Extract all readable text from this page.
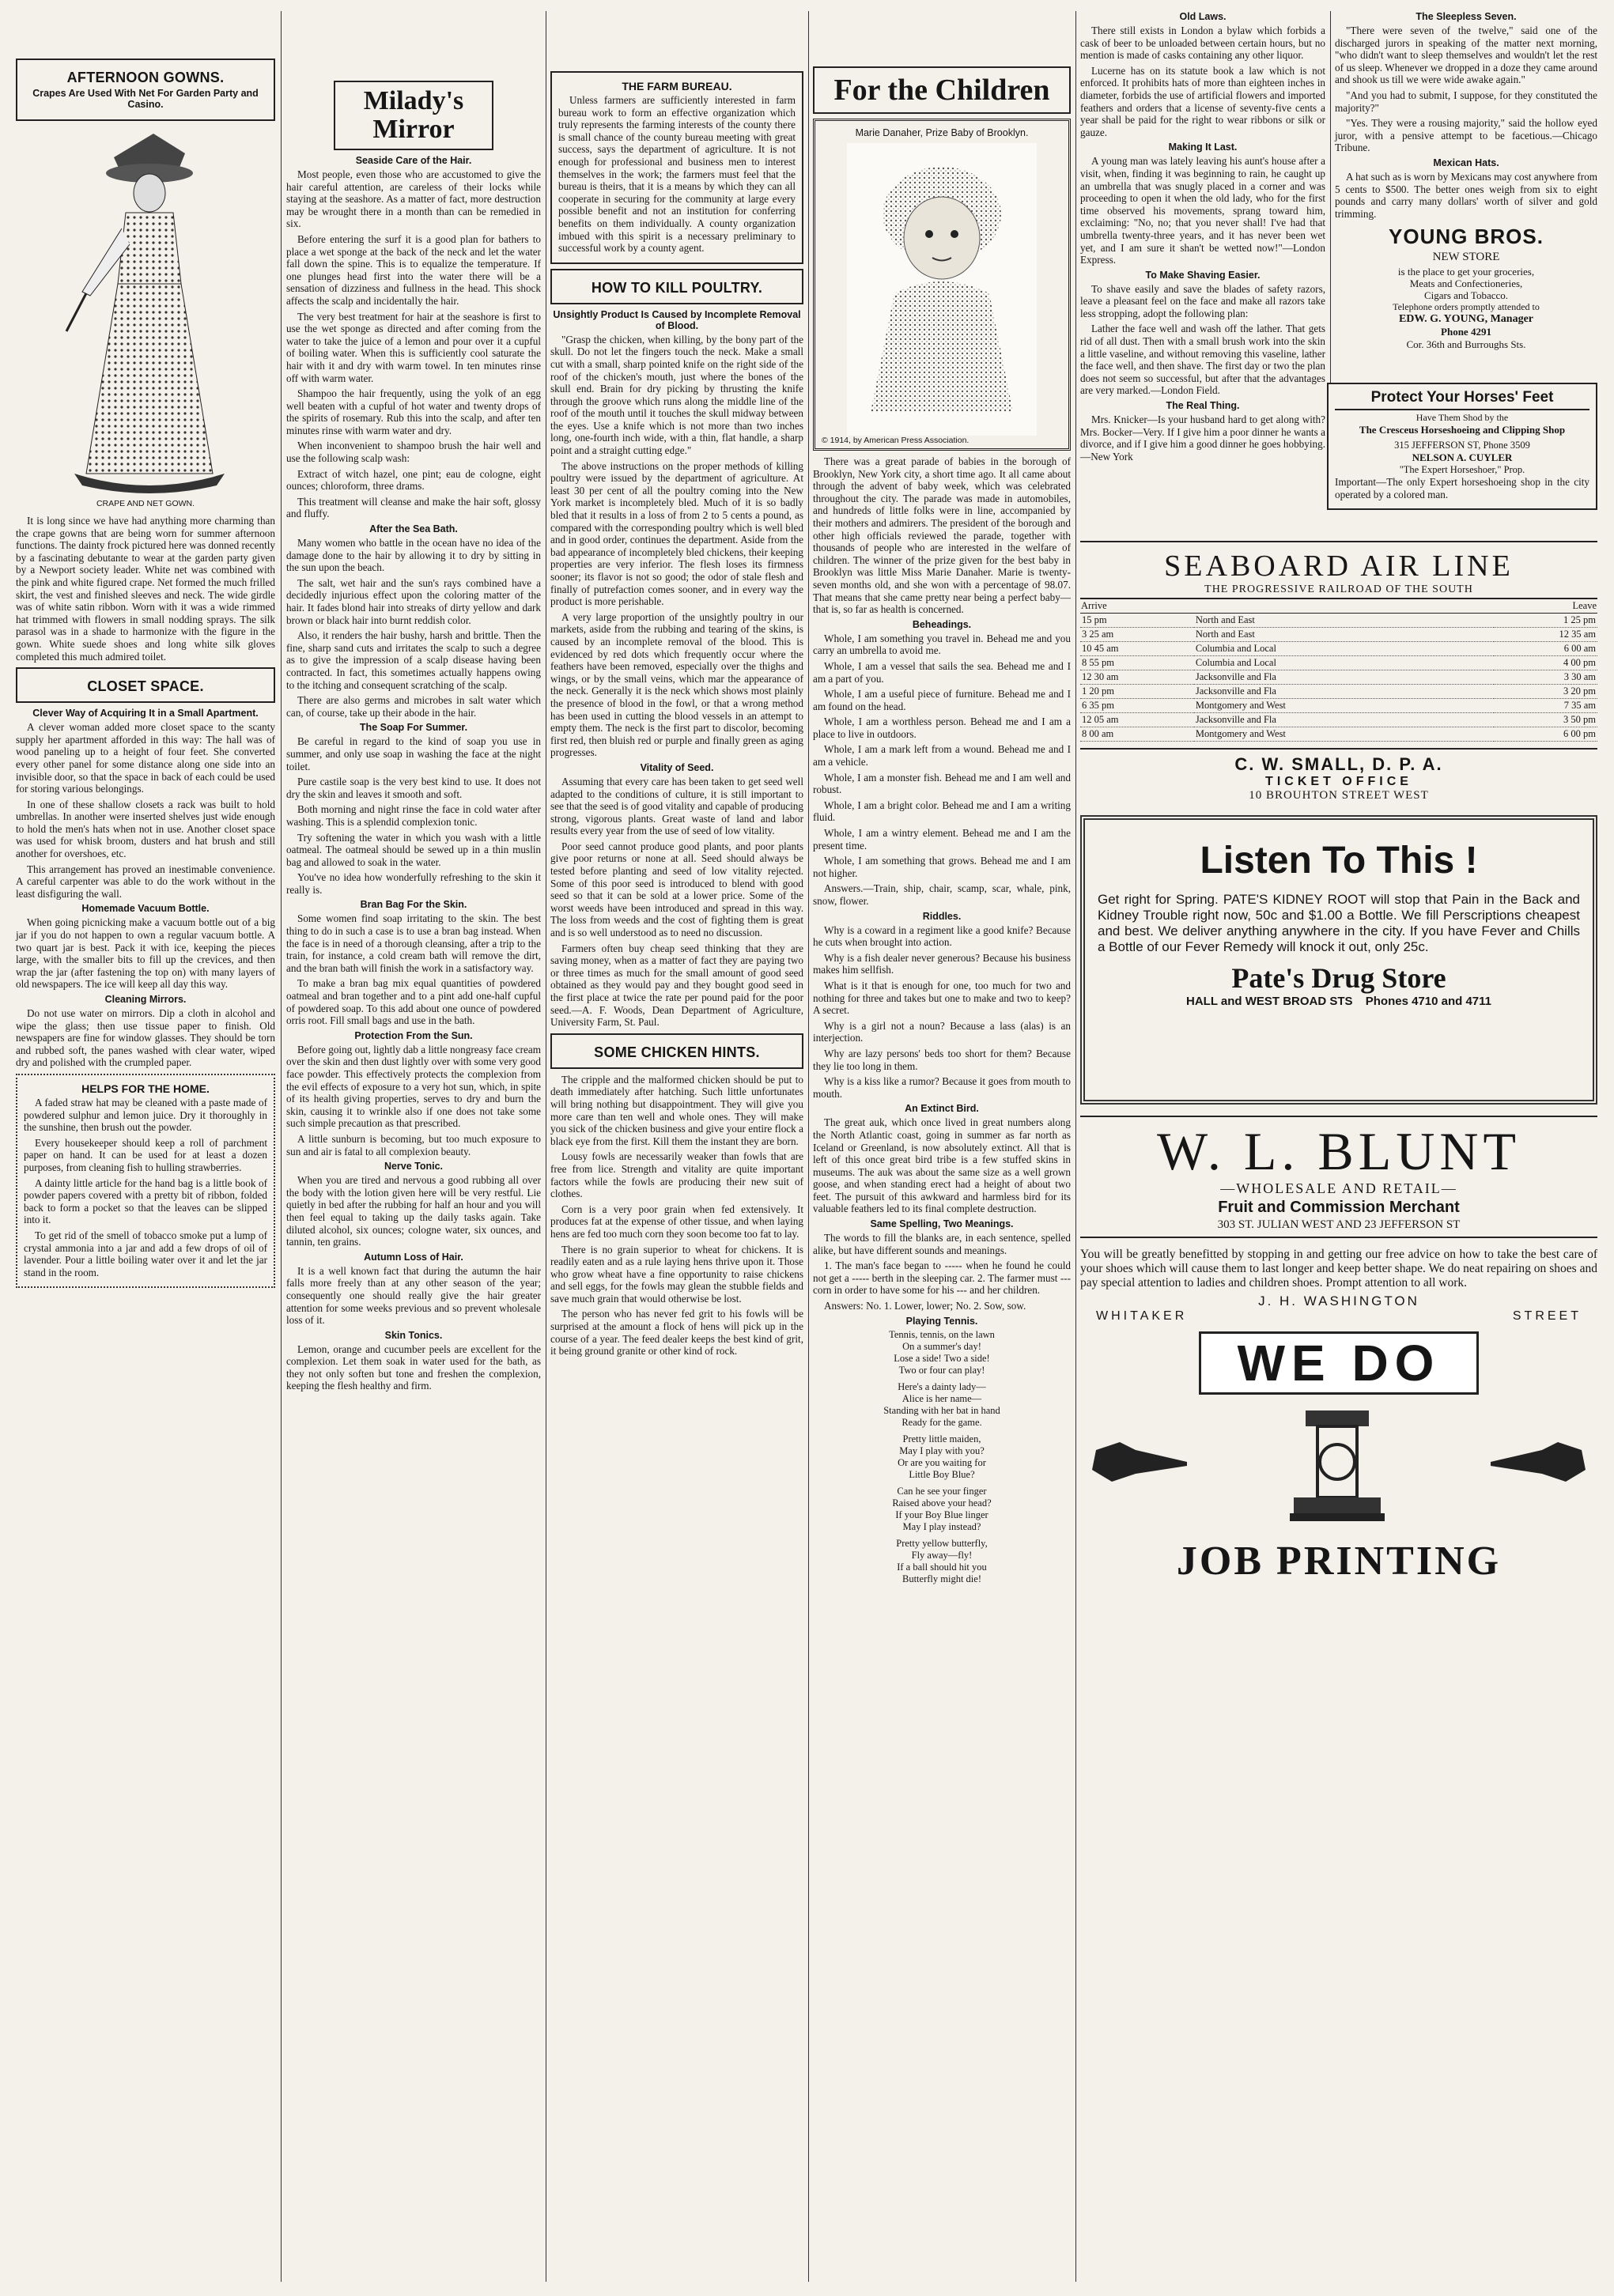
AFTERNOON GOWNS.
Crapes Are Used With Net For Garden Party and Casino.
CRAPE AND NET GOWN.

It is long since we have had anything more charming than the crape gowns that are being worn for summer afternoon functions. The dainty frock pictured here was donned recently by a fascinating debutante to wear at the garden party given by a Newport society leader. White net was combined with the pink and white figured crape. Net formed the much frilled skirt, the vest and finished sleeves and neck. The wide girdle was of white satin ribbon. Worn with it was a wide rimmed hat trimmed with flowers in small nodding sprays. The silk parasol was in a shade to harmonize with the figure in the gown. White suede shoes and long white silk gloves completed this much admired toilet.

CLOSET SPACE.
Clever Way of Acquiring It in a Small Apartment.

A clever woman added more closet space to the scanty supply her apartment afforded in this way: The hall was of wood paneling up to a height of four feet. She converted every other panel for some distance along one side into an invisible door, so that the space in back of each could be used for storing various belongings.

In one of these shallow closets a rack was built to hold umbrellas. In another were inserted shelves just wide enough to hold the men's hats when not in use. Another closet space was used for whisk broom, dusters and hat brush and still another for overshoes, etc.

This arrangement has proved an inestimable convenience. A careful carpenter was able to do the work without in the least disfiguring the wall.

Homemade Vacuum Bottle.

When going picnicking make a vacuum bottle out of a big jar if you do not happen to own a regular vacuum bottle. A two quart jar is best. Pack it with ice, keeping the pieces large, with the smaller bits to fill up the crevices, and then wrap the jar (after fastening the top on) with many layers of old newspapers. The ice will keep all day this way.

Cleaning Mirrors.

Do not use water on mirrors. Dip a cloth in alcohol and wipe the glass; then use tissue paper to finish. Old newspapers are fine for window glasses. They should be torn and rubbed soft, the panes washed with clear water, wiped dry and polished with the crumpled paper.

HELPS FOR THE HOME.

A faded straw hat may be cleaned with a paste made of powdered sulphur and lemon juice. Dry it thoroughly in the sunshine, then brush out the powder.

Every housekeeper should keep a roll of parchment paper on hand. It can be used for at least a dozen purposes, from cleaning fish to hulling strawberries.

A dainty little article for the hand bag is a little book of powder papers covered with a pretty bit of ribbon, folded back to form a pocket so that the leaves can be slipped into it.

To get rid of the smell of tobacco smoke put a lump of crystal ammonia into a jar and add a few drops of oil of lavender. Pour a little boiling water over it and let the jar stand in the room.

Milady's Mirror
Seaside Care of the Hair.

Most people, even those who are accustomed to give the hair careful attention, are careless of their locks while staying at the seashore. As a matter of fact, more destruction may be wrought there in a month than can be remedied in six.

Before entering the surf it is a good plan for bathers to place a wet sponge at the back of the neck and let the water fall down the spine. This is to equalize the temperature. If one plunges head first into the water there will be a sensation of dizziness and fullness in the head. This shock affects the scalp and incidentally the hair.

The very best treatment for hair at the seashore is first to use the wet sponge as directed and after coming from the water to take the juice of a lemon and pour over it a cupful of boiling water. When this is sufficiently cool saturate the hair with it and dry with warm towel. In ten minutes rinse off with warm water.

Shampoo the hair frequently, using the yolk of an egg well beaten with a cupful of hot water and twenty drops of the spirits of rosemary. Rub this into the scalp, and after ten minutes rinse with warm water and dry.

When inconvenient to shampoo brush the hair well and use the following scalp wash:

Extract of witch hazel, one pint; eau de cologne, eight ounces; chloroform, three drams.

This treatment will cleanse and make the hair soft, glossy and fluffy.

After the Sea Bath.

Many women who battle in the ocean have no idea of the damage done to the hair by allowing it to dry by sitting in the sun upon the beach.

The salt, wet hair and the sun's rays combined have a decidedly injurious effect upon the coloring matter of the hair. It fades blond hair into streaks of dirty yellow and dark brown or black hair into burnt reddish color.

Also, it renders the hair bushy, harsh and brittle. Then the fine, sharp sand cuts and irritates the scalp to such a degree as to give the impression of a scalp disease having been contracted. In fact, this sometimes actually happens owing to the itching and consequent scratching of the scalp.

There are also germs and microbes in salt water which can, of course, take up their abode in the hair.

The Soap For Summer.

Be careful in regard to the kind of soap you use in summer, and only use soap in washing the face at the night toilet.

Pure castile soap is the very best kind to use. It does not dry the skin and leaves it smooth and soft.

Both morning and night rinse the face in cold water after washing. This is a splendid complexion tonic.

Try softening the water in which you wash with a little oatmeal. The oatmeal should be sewed up in a thin muslin bag and allowed to soak in the water.

You've no idea how wonderfully refreshing to the skin it really is.

Bran Bag For the Skin.

Some women find soap irritating to the skin. The best thing to do in such a case is to use a bran bag instead. When the face is in need of a thorough cleansing, after a trip to the train, for instance, a cold cream bath will remove the dirt, and the bran bath will finish the work in a satisfactory way.

To make a bran bag mix equal quantities of powdered oatmeal and bran together and to a pint add one-half cupful of powdered soap. To this add about one ounce of powdered orris root. Fill small bags and use in the bath.

Protection From the Sun.

Before going out, lightly dab a little nongreasy face cream over the skin and then dust lightly over with some very good face powder. This effectively protects the complexion from the evil effects of exposure to a very hot sun, which, in spite of its health giving properties, serves to dry and burn the skin, causing it to wrinkle also if one does not take some such simple precaution as that prescribed.

A little sunburn is becoming, but too much exposure to sun and air is fatal to all complexion beauty.

Nerve Tonic.

When you are tired and nervous a good rubbing all over the body with the lotion given here will be very restful. Lie quietly in bed after the rubbing for half an hour and you will then feel equal to taking up the daily tasks again. Take diluted alcohol, six ounces; cologne water, six ounces, and tannin, ten grains.

Autumn Loss of Hair.

It is a well known fact that during the autumn the hair falls more freely than at any other season of the year; consequently one should really give the hair greater attention for some weeks previous and so prevent wholesale loss of it.

Skin Tonics.

Lemon, orange and cucumber peels are excellent for the complexion. Let them soak in water used for the bath, as they not only soften but tone and freshen the complexion, keeping the flesh healthy and firm.

THE FARM BUREAU.

Unless farmers are sufficiently interested in farm bureau work to form an effective organization which truly represents the farming interests of the county there is small chance of the county bureau meeting with great success, says the department of agriculture. It is not enough for professional and business men to interest themselves in the work; the farmers must feel that the bureau is theirs, that it is a means by which they can all cooperate in securing for the community at large every possible benefit and not an institution for conferring benefits on them individually. A county organization imbued with this spirit is a necessary preliminary to successful work by a county agent.

HOW TO KILL POULTRY.
Unsightly Product Is Caused by Incomplete Removal of Blood.

"Grasp the chicken, when killing, by the bony part of the skull. Do not let the fingers touch the neck. Make a small cut with a small, sharp pointed knife on the right side of the roof of the chicken's mouth, just where the bones of the skull end. Brain for dry picking by thrusting the knife through the groove which runs along the middle line of the roof of the mouth until it touches the skull midway between the eyes. Use a knife which is not more than two inches long, one-fourth inch wide, with a thin, flat handle, a sharp point and a straight cutting edge."

The above instructions on the proper methods of killing poultry were issued by the department of agriculture. At least 30 per cent of all the poultry coming into the New York market is incompletely bled. Much of it is so badly bled that it results in a loss of from 2 to 5 cents a pound, as compared with the corresponding poultry which is well bled and in good order, continues the department. Aside from the bad appearance of incompletely bled chickens, their keeping properties are very inferior. The flesh loses its firmness sooner; its flavor is not so good; the odor of stale flesh and finally of putrefaction comes sooner, and in every way the product is more perishable.

A very large proportion of the unsightly poultry in our markets, aside from the rubbing and tearing of the skins, is caused by an incomplete removal of the blood. This is evidenced by red dots which frequently occur where the feathers have been removed, especially over the thighs and wings, or by the small veins, which mar the appearance of the neck. Generally it is the neck which shows most plainly the presence of blood in the fowl, or that a wrong method has been used in cutting the blood vessels in an attempt to empty them. The neck is the first part to discolor, becoming first red, then bluish red or purple and finally green as aging progresses.

Vitality of Seed.

Assuming that every care has been taken to get seed well adapted to the conditions of culture, it is still important to see that the seed is of good vitality and capable of producing strong, vigorous plants. Great waste of land and labor results every year from the use of seed of low vitality.

Poor seed cannot produce good plants, and poor plants give poor returns or none at all. Seed should always be tested before planting and seed of low vitality rejected. Some of this poor seed is introduced to blend with good seed so that it can be sold at a lower price. Some of the worst weeds have been introduced and spread in this way. The loss from weeds and the cost of fighting them is great and is so well understood as to need no discussion.

Farmers often buy cheap seed thinking that they are saving money, when as a matter of fact they are paying two or three times as much for the small amount of good seed obtained as they would pay and they bought good seed in the first place at twice the rate per pound paid for the poor seed.—A. F. Woods, Dean Department of Agriculture, University Farm, St. Paul.

SOME CHICKEN HINTS.

The cripple and the malformed chicken should be put to death immediately after hatching. Such little unfortunates will bring nothing but disappointment. They will give you more care than ten well and whole ones. They will make you sick of the chicken business and give your entire flock a black eye from the first. Kill them the instant they are born.

Lousy fowls are necessarily weaker than fowls that are free from lice. Strength and vitality are quite important factors while the fowls are producing their new suit of clothes.

Corn is a very poor grain when fed extensively. It produces fat at the expense of other tissue, and when laying hens are fed too much corn they soon become too fat to lay.

There is no grain superior to wheat for chickens. It is readily eaten and as a rule laying hens thrive upon it. Those who grow wheat have a fine opportunity to raise chickens and sell eggs, for the fowls may glean the stubble fields and save much grain that would otherwise be lost.

The person who has never fed grit to his fowls will be surprised at the amount a flock of hens will pick up in the course of a year. The feed dealer keeps the best kind of grit, it being ground granite or other kind of rock.

For the Children
Marie Danaher, Prize Baby of Brooklyn.
© 1914, by American Press Association.

There was a great parade of babies in the borough of Brooklyn, New York city, a short time ago. It all came about through the advent of baby week, which was celebrated throughout the city. The parade was made in automobiles, and hundreds of little folks were in line, accompanied by their mothers and admirers. The president of the borough and other high officials reviewed the parade, together with thousands of people who are interested in the welfare of children. The winner of the prize given for the best baby in Brooklyn was little Miss Marie Danaher. Marie is twenty-seven months old, and she won with a percentage of 98.07. That means that she came pretty near being a perfect baby—that is, so far as health is concerned.

Beheadings.

Whole, I am something you travel in. Behead me and you carry an umbrella to avoid me.

Whole, I am a vessel that sails the sea. Behead me and I am a part of you.

Whole, I am a useful piece of furniture. Behead me and I am found on the head.

Whole, I am a worthless person. Behead me and I am a place to live in outdoors.

Whole, I am a mark left from a wound. Behead me and I am a vehicle.

Whole, I am a monster fish. Behead me and I am well and robust.

Whole, I am a bright color. Behead me and I am a writing fluid.

Whole, I am a wintry element. Behead me and I am the present time.

Whole, I am something that grows. Behead me and I am not higher.

Answers.—Train, ship, chair, scamp, scar, whale, pink, snow, flower.

Riddles.

Why is a coward in a regiment like a good knife? Because he cuts when brought into action.

Why is a fish dealer never generous? Because his business makes him sellfish.

What is it that is enough for one, too much for two and nothing for three and takes but one to make and two to keep? A secret.

Why is a girl not a noun? Because a lass (alas) is an interjection.

Why are lazy persons' beds too short for them? Because they lie too long in them.

Why is a kiss like a rumor? Because it goes from mouth to mouth.

An Extinct Bird.

The great auk, which once lived in great numbers along the North Atlantic coast, going in summer as far north as Iceland or Greenland, is now absolutely extinct. All that is left of this once great bird tribe is a few stuffed skins in museums. The auk was about the same size as a well grown goose, and when standing erect had a height of about two feet. The pursuit of this awkward and harmless bird for its valuable feathers led to its final complete destruction.

Same Spelling, Two Meanings.

The words to fill the blanks are, in each sentence, spelled alike, but have different sounds and meanings.

1. The man's face began to ----- when he found he could not get a ----- berth in the sleeping car. 2. The farmer must --- corn in order to have some for his --- and her children.

Answers: No. 1. Lower, lower; No. 2. Sow, sow.

Playing Tennis.
Tennis, tennis, on the lawn
On a summer's day!
Lose a side! Two a side!
Two or four can play!
Here's a dainty lady—
Alice is her name—
Standing with her bat in hand
Ready for the game.
Pretty little maiden,
May I play with you?
Or are you waiting for
Little Boy Blue?
Can he see your finger
Raised above your head?
If your Boy Blue linger
May I play instead?
Pretty yellow butterfly,
Fly away—fly!
If a ball should hit you
Butterfly might die!
Old Laws.

There still exists in London a bylaw which forbids a cask of beer to be unloaded between certain hours, but no mention is made of casks containing any other liquor.

Lucerne has on its statute book a law which is not enforced. It prohibits hats of more than eighteen inches in diameter, forbids the use of artificial flowers and imported feathers and orders that a license of seventy-five cents a year shall be paid for the right to wear ribbons or silk or gauze.

Making It Last.

A young man was lately leaving his aunt's house after a visit, when, finding it was beginning to rain, he caught up an umbrella that was snugly placed in a corner and was proceeding to open it when the old lady, who for the first time observed his movements, sprang toward him, exclaiming: "No, no; that you never shall! I've had that umbrella twenty-three years, and it has never been wet yet, and I am sure it shan't be wetted now!"—London Express.

To Make Shaving Easier.

To shave easily and save the blades of safety razors, leave a pleasant feel on the face and make all razors take less stropping, adopt the following plan:

Lather the face well and wash off the lather. That gets rid of all dust. Then with a small brush work into the skin a little vaseline, and without removing this vaseline, lather the face well, and then shave. The first day or two the plan does not seem so successful, but after that the advantages are very marked.—London Field.

The Real Thing.

Mrs. Knicker—Is your husband hard to get along with? Mrs. Bocker—Very. If I give him a poor dinner he wants a divorce, and if I give him a good dinner he goes hobbying.—New York

The Sleepless Seven.

"There were seven of the twelve," said one of the discharged jurors in speaking of the matter next morning, "who didn't want to sleep themselves and wouldn't let the rest of us sleep. Whenever we dropped in a doze they came around and shook us till we were wide awake again."

"And you had to submit, I suppose, for they constituted the majority?"

"Yes. They were a rousing majority," said the hollow eyed juror, with a pensive attempt to be facetious.—Chicago Tribune.

Mexican Hats.

A hat such as is worn by Mexicans may cost anywhere from 5 cents to $500. The better ones weigh from six to eight pounds and carry many dollars' worth of silver and gold trimming.

YOUNG BROS.
NEW STORE
is the place to get your groceries,
Meats and Confectioneries,
Cigars and Tobacco.
Telephone orders promptly attended to
EDW. G. YOUNG, Manager
Phone 4291
Cor. 36th and Burroughs Sts.
Protect Your Horses' Feet
Have Them Shod by the
The Cresceus Horseshoeing and Clipping Shop
315 JEFFERSON ST, Phone 3509
NELSON A. CUYLER
"The Expert Horseshoer," Prop.

Important—The only Expert horseshoeing shop in the city operated by a colored man.

SEABOARD AIR LINE
THE PROGRESSIVE RAILROAD OF THE SOUTH
Arrive		Leave
15 pm	North and East	1 25 pm
3 25 am	North and East	12 35 am
10 45 am	Columbia and Local	6 00 am
8 55 pm	Columbia and Local	4 00 pm
12 30 am	Jacksonville and Fla	3 30 am
1 20 pm	Jacksonville and Fla	3 20 pm
6 35 pm	Montgomery and West	7 35 am
12 05 am	Jacksonville and Fla	3 50 pm
8 00 am	Montgomery and West	6 00 pm
C. W. SMALL, D. P. A.
TICKET OFFICE
10 BROUHTON STREET WEST
Listen To This !

Get right for Spring. PATE'S KIDNEY ROOT will stop that Pain in the Back and Kidney Trouble right now, 50c and $1.00 a Bottle. We fill Perscriptions cheapest and best. We deliver anything anywhere in the city. If you have Fever and Chills a Bottle of our Fever Remedy will knock it out, only 25c.

Pate's Drug Store
HALL and WEST BROAD STS Phones 4710 and 4711
W. L. BLUNT
—WHOLESALE AND RETAIL—
Fruit and Commission Merchant
303 ST. JULIAN WEST AND 23 JEFFERSON ST

You will be greatly benefitted by stopping in and getting our free advice on how to take the best care of your shoes which will cause them to last longer and keep better shape. We do neat repairing on shoes and pay special attention to ladies and children shoes. Prompt attention to all work.

J. H. WASHINGTON
WHITAKER	STREET
WE DO
JOB PRINTING
